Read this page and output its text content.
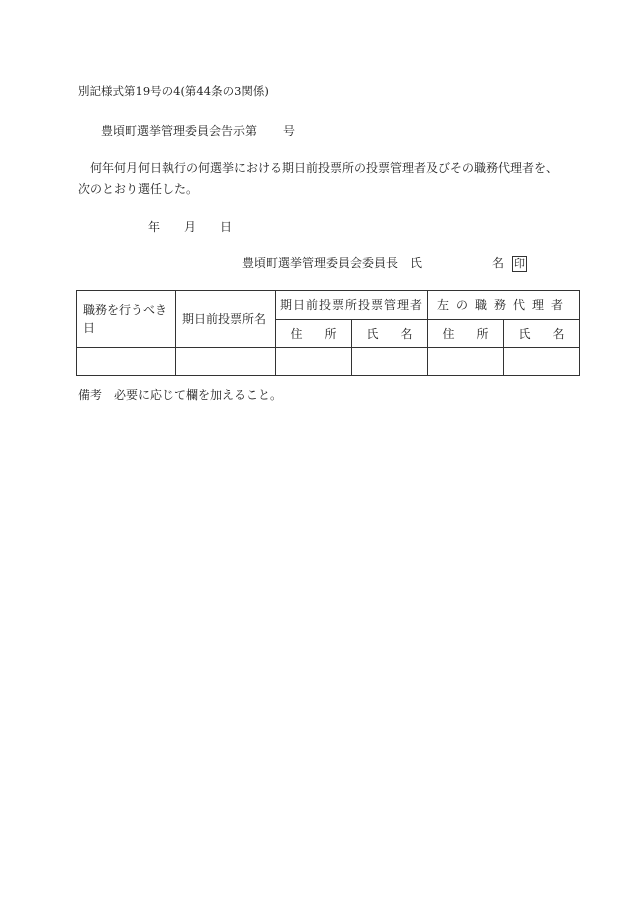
別記様式第19号の4(第44条の3関係)
豊頃町選挙管理委員会告示第 号
何年何月何日執行の何選挙における期日前投票所の投票管理者及びその職務代理者を、次のとおり選任した。
年 月 日
豊頃町選挙管理委員会委員長　氏	名 印
職務を行うべき日	期日前投票所名	期日前投票所投票管理者		左の職務代理者	
		住 所	氏 名	住 所	氏 名

備考 必要に応じて欄を加えること。
